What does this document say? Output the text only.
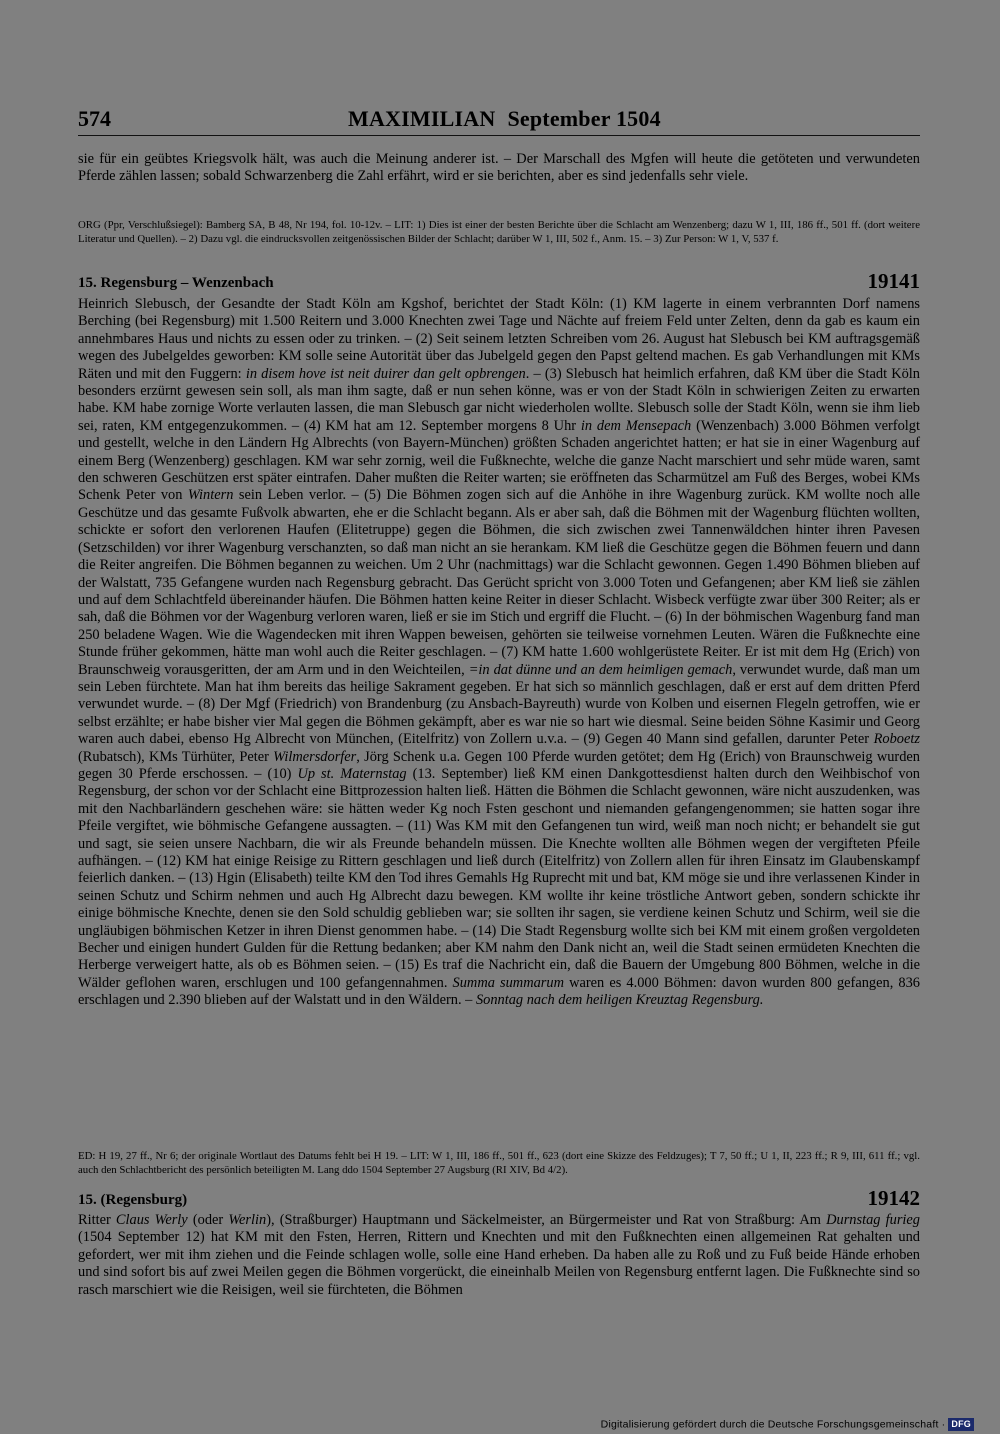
574	MAXIMILIAN September 1504

sie für ein geübtes Kriegsvolk hält, was auch die Meinung anderer ist. – Der Marschall des Mgfen will heute die getöteten und verwundeten Pferde zählen lassen; sobald Schwarzenberg die Zahl erfährt, wird er sie berichten, aber es sind jedenfalls sehr viele.

ORG (Ppr, Verschlußsiegel): Bamberg SA, B 48, Nr 194, fol. 10-12v. – LIT: 1) Dies ist einer der besten Berichte über die Schlacht am Wenzenberg; dazu W 1, III, 186 ff., 501 ff. (dort weitere Literatur und Quellen). – 2) Dazu vgl. die eindrucksvollen zeitgenössischen Bilder der Schlacht; darüber W 1, III, 502 f., Anm. 15. – 3) Zur Person: W 1, V, 537 f.

15. Regensburg – Wenzenbach	19141

Heinrich Slebusch, der Gesandte der Stadt Köln am Kgshof, berichtet der Stadt Köln: (1) KM lagerte in einem verbrannten Dorf namens Berching (bei Regensburg) mit 1.500 Reitern und 3.000 Knechten zwei Tage und Nächte auf freiem Feld unter Zelten, denn da gab es kaum ein annehmbares Haus und nichts zu essen oder zu trinken. – (2) Seit seinem letzten Schreiben vom 26. August hat Slebusch bei KM auftragsgemäß wegen des Jubelgeldes geworben: KM solle seine Autorität über das Jubelgeld gegen den Papst geltend machen. Es gab Verhandlungen mit KMs Räten und mit den Fuggern: in disem hove ist neit duirer dan gelt opbrengen. – (3) Slebusch hat heimlich erfahren, daß KM über die Stadt Köln besonders erzürnt gewesen sein soll, als man ihm sagte, daß er nun sehen könne, was er von der Stadt Köln in schwierigen Zeiten zu erwarten habe. KM habe zornige Worte verlauten lassen, die man Slebusch gar nicht wiederholen wollte. Slebusch solle der Stadt Köln, wenn sie ihm lieb sei, raten, KM entgegenzukommen. – (4) KM hat am 12. September morgens 8 Uhr in dem Mensepach (Wenzenbach) 3.000 Böhmen verfolgt und gestellt, welche in den Ländern Hg Albrechts (von Bayern-München) größten Schaden angerichtet hatten; er hat sie in einer Wagenburg auf einem Berg (Wenzenberg) geschlagen. KM war sehr zornig, weil die Fußknechte, welche die ganze Nacht marschiert und sehr müde waren, samt den schweren Geschützen erst später eintrafen. Daher mußten die Reiter warten; sie eröffneten das Scharmützel am Fuß des Berges, wobei KMs Schenk Peter von Wintern sein Leben verlor. – (5) Die Böhmen zogen sich auf die Anhöhe in ihre Wagenburg zurück. KM wollte noch alle Geschütze und das gesamte Fußvolk abwarten, ehe er die Schlacht begann. Als er aber sah, daß die Böhmen mit der Wagenburg flüchten wollten, schickte er sofort den verlorenen Haufen (Elitetruppe) gegen die Böhmen, die sich zwischen zwei Tannenwäldchen hinter ihren Pavesen (Setzschilden) vor ihrer Wagenburg verschanzten, so daß man nicht an sie herankam. KM ließ die Geschütze gegen die Böhmen feuern und dann die Reiter angreifen. Die Böhmen begannen zu weichen. Um 2 Uhr (nachmittags) war die Schlacht gewonnen. Gegen 1.490 Böhmen blieben auf der Walstatt, 735 Gefangene wurden nach Regensburg gebracht. Das Gerücht spricht von 3.000 Toten und Gefangenen; aber KM ließ sie zählen und auf dem Schlachtfeld übereinander häufen. Die Böhmen hatten keine Reiter in dieser Schlacht. Wisbeck verfügte zwar über 300 Reiter; als er sah, daß die Böhmen vor der Wagenburg verloren waren, ließ er sie im Stich und ergriff die Flucht. – (6) In der böhmischen Wagenburg fand man 250 beladene Wagen. Wie die Wagendecken mit ihren Wappen beweisen, gehörten sie teilweise vornehmen Leuten. Wären die Fußknechte eine Stunde früher gekommen, hätte man wohl auch die Reiter geschlagen. – (7) KM hatte 1.600 wohlgerüstete Reiter. Er ist mit dem Hg (Erich) von Braunschweig vorausgeritten, der am Arm und in den Weichteilen, =in dat dünne und an dem heimligen gemach, verwundet wurde, daß man um sein Leben fürchtete. Man hat ihm bereits das heilige Sakrament gegeben. Er hat sich so männlich geschlagen, daß er erst auf dem dritten Pferd verwundet wurde. – (8) Der Mgf (Friedrich) von Brandenburg (zu Ansbach-Bayreuth) wurde von Kolben und eisernen Flegeln getroffen, wie er selbst erzählte; er habe bisher vier Mal gegen die Böhmen gekämpft, aber es war nie so hart wie diesmal. Seine beiden Söhne Kasimir und Georg waren auch dabei, ebenso Hg Albrecht von München, (Eitelfritz) von Zollern u.v.a. – (9) Gegen 40 Mann sind gefallen, darunter Peter Roboetz (Rubatsch), KMs Türhüter, Peter Wilmersdorfer, Jörg Schenk u.a. Gegen 100 Pferde wurden getötet; dem Hg (Erich) von Braunschweig wurden gegen 30 Pferde erschossen. – (10) Up st. Maternstag (13. September) ließ KM einen Dankgottesdienst halten durch den Weihbischof von Regensburg, der schon vor der Schlacht eine Bittprozession halten ließ. Hätten die Böhmen die Schlacht gewonnen, wäre nicht auszudenken, was mit den Nachbarländern geschehen wäre: sie hätten weder Kg noch Fsten geschont und niemanden gefangengenommen; sie hatten sogar ihre Pfeile vergiftet, wie böhmische Gefangene aussagten. – (11) Was KM mit den Gefangenen tun wird, weiß man noch nicht; er behandelt sie gut und sagt, sie seien unsere Nachbarn, die wir als Freunde behandeln müssen. Die Knechte wollten alle Böhmen wegen der vergifteten Pfeile aufhängen. – (12) KM hat einige Reisige zu Rittern geschlagen und ließ durch (Eitelfritz) von Zollern allen für ihren Einsatz im Glaubenskampf feierlich danken. – (13) Hgin (Elisabeth) teilte KM den Tod ihres Gemahls Hg Ruprecht mit und bat, KM möge sie und ihre verlassenen Kinder in seinen Schutz und Schirm nehmen und auch Hg Albrecht dazu bewegen. KM wollte ihr keine tröstliche Antwort geben, sondern schickte ihr einige böhmische Knechte, denen sie den Sold schuldig geblieben war; sie sollten ihr sagen, sie verdiene keinen Schutz und Schirm, weil sie die ungläubigen böhmischen Ketzer in ihren Dienst genommen habe. – (14) Die Stadt Regensburg wollte sich bei KM mit einem großen vergoldeten Becher und einigen hundert Gulden für die Rettung bedanken; aber KM nahm den Dank nicht an, weil die Stadt seinen ermüdeten Knechten die Herberge verweigert hatte, als ob es Böhmen seien. – (15) Es traf die Nachricht ein, daß die Bauern der Umgebung 800 Böhmen, welche in die Wälder geflohen waren, erschlugen und 100 gefangennahmen. Summa summarum waren es 4.000 Böhmen: davon wurden 800 gefangen, 836 erschlagen und 2.390 blieben auf der Walstatt und in den Wäldern. – Sonntag nach dem heiligen Kreuztag Regensburg.

ED: H 19, 27 ff., Nr 6; der originale Wortlaut des Datums fehlt bei H 19. – LIT: W 1, III, 186 ff., 501 ff., 623 (dort eine Skizze des Feldzuges); T 7, 50 ff.; U 1, II, 223 ff.; R 9, III, 611 ff.; vgl. auch den Schlachtbericht des persönlich beteiligten M. Lang ddo 1504 September 27 Augsburg (RI XIV, Bd 4/2).

15. (Regensburg)	19142

Ritter Claus Werly (oder Werlin), (Straßburger) Hauptmann und Säckelmeister, an Bürgermeister und Rat von Straßburg: Am Durnstag furieg (1504 September 12) hat KM mit den Fsten, Herren, Rittern und Knechten und mit den Fußknechten einen allgemeinen Rat gehalten und gefordert, wer mit ihm ziehen und die Feinde schlagen wolle, solle eine Hand erheben. Da haben alle zu Roß und zu Fuß beide Hände erhoben und sind sofort bis auf zwei Meilen gegen die Böhmen vorgerückt, die eineinhalb Meilen von Regensburg entfernt lagen. Die Fußknechte sind so rasch marschiert wie die Reisigen, weil sie fürchteten, die Böhmen

Digitalisierung gefördert durch die Deutsche Forschungsgemeinschaft · DFG
